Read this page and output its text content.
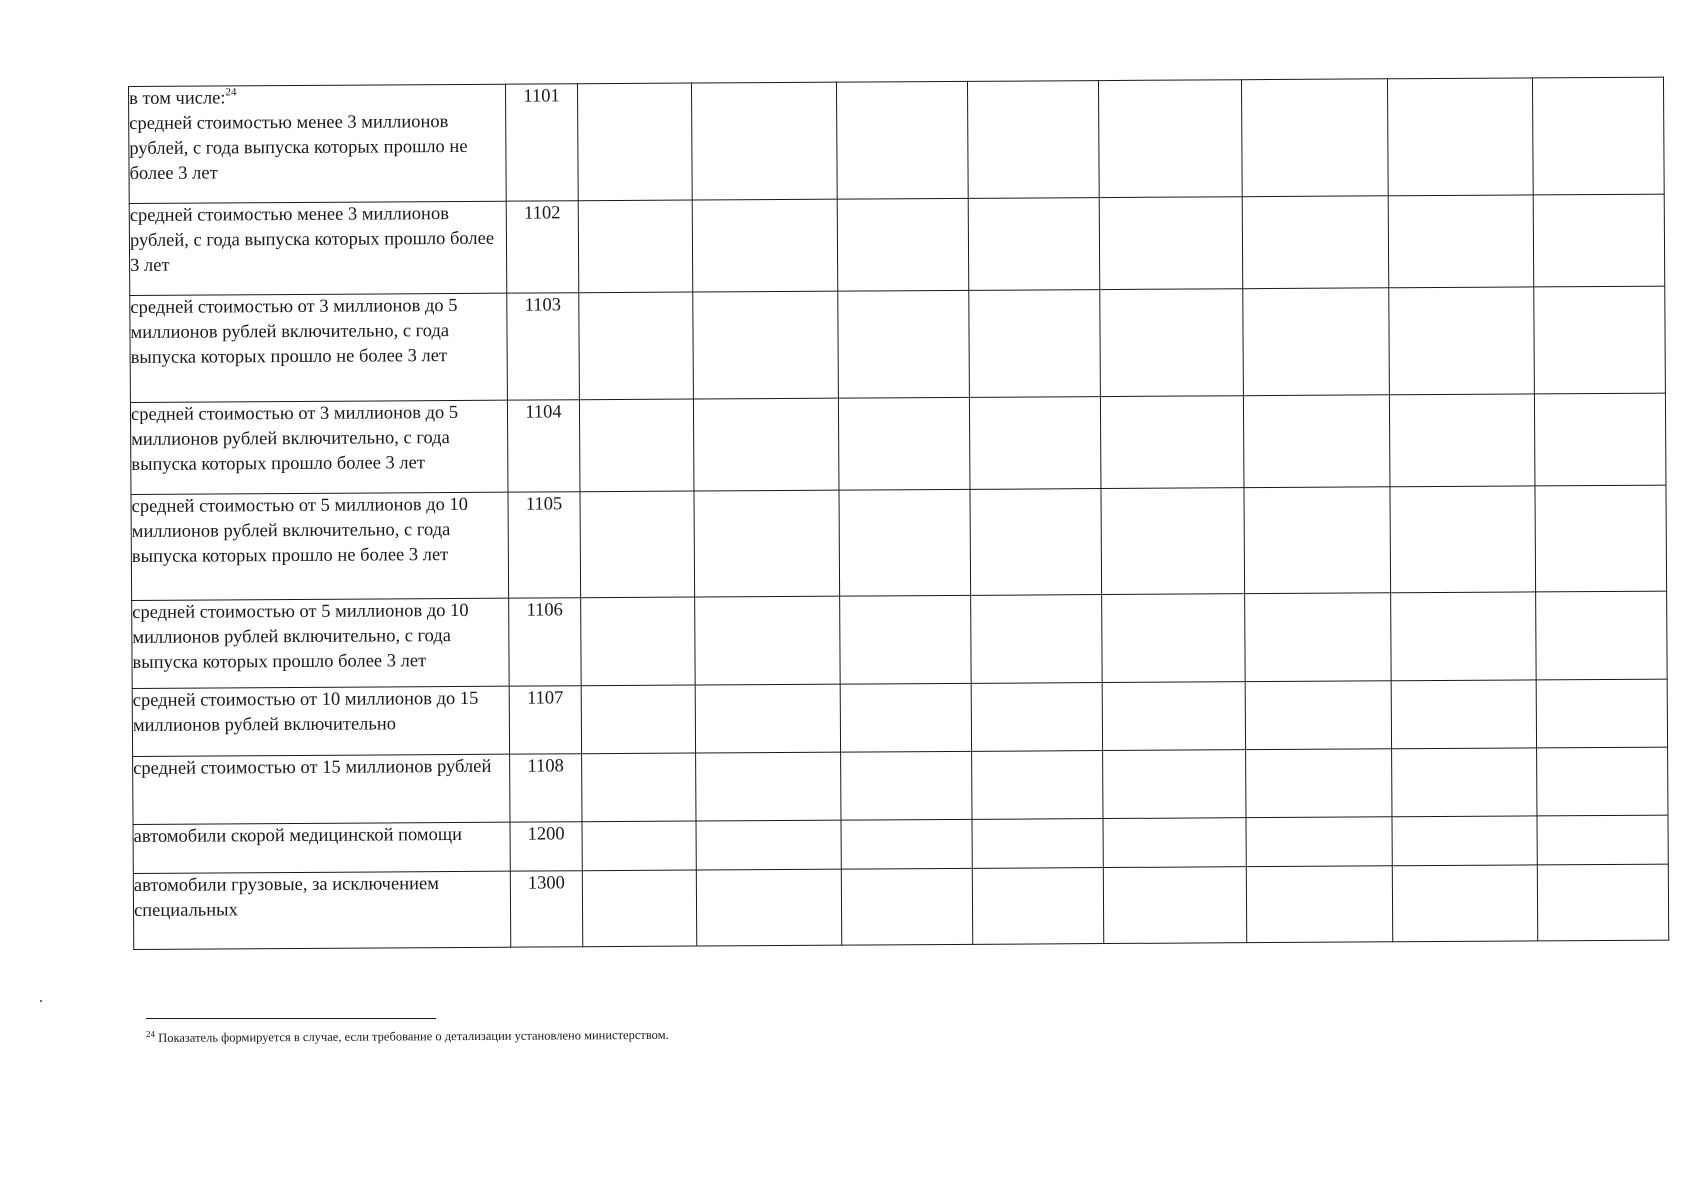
в том числе:$^{24}$
средней стоимостью менее 3 миллионов рублей, с года выпуска которых прошло не более 3 лет	1101								
средней стоимостью менее 3 миллионов рублей, с года выпуска которых прошло более 3 лет	1102								
средней стоимостью от 3 миллионов до 5 миллионов рублей включительно, с года выпуска которых прошло не более 3 лет	1103								
средней стоимостью от 3 миллионов до 5 миллионов рублей включительно, с года выпуска которых прошло более 3 лет	1104								
средней стоимостью от 5 миллионов до 10 миллионов рублей включительно, с года выпуска которых прошло не более 3 лет	1105								
средней стоимостью от 5 миллионов до 10 миллионов рублей включительно, с года выпуска которых прошло более 3 лет	1106								
средней стоимостью от 10 миллионов до 15 миллионов рублей включительно	1107								
средней стоимостью от 15 миллионов рублей	1108								
автомобили скорой медицинской помощи	1200								
автомобили грузовые, за исключением специальных	1300								
$^{24}$ Показатель формируется в случае, если требование о детализации установлено министерством.
